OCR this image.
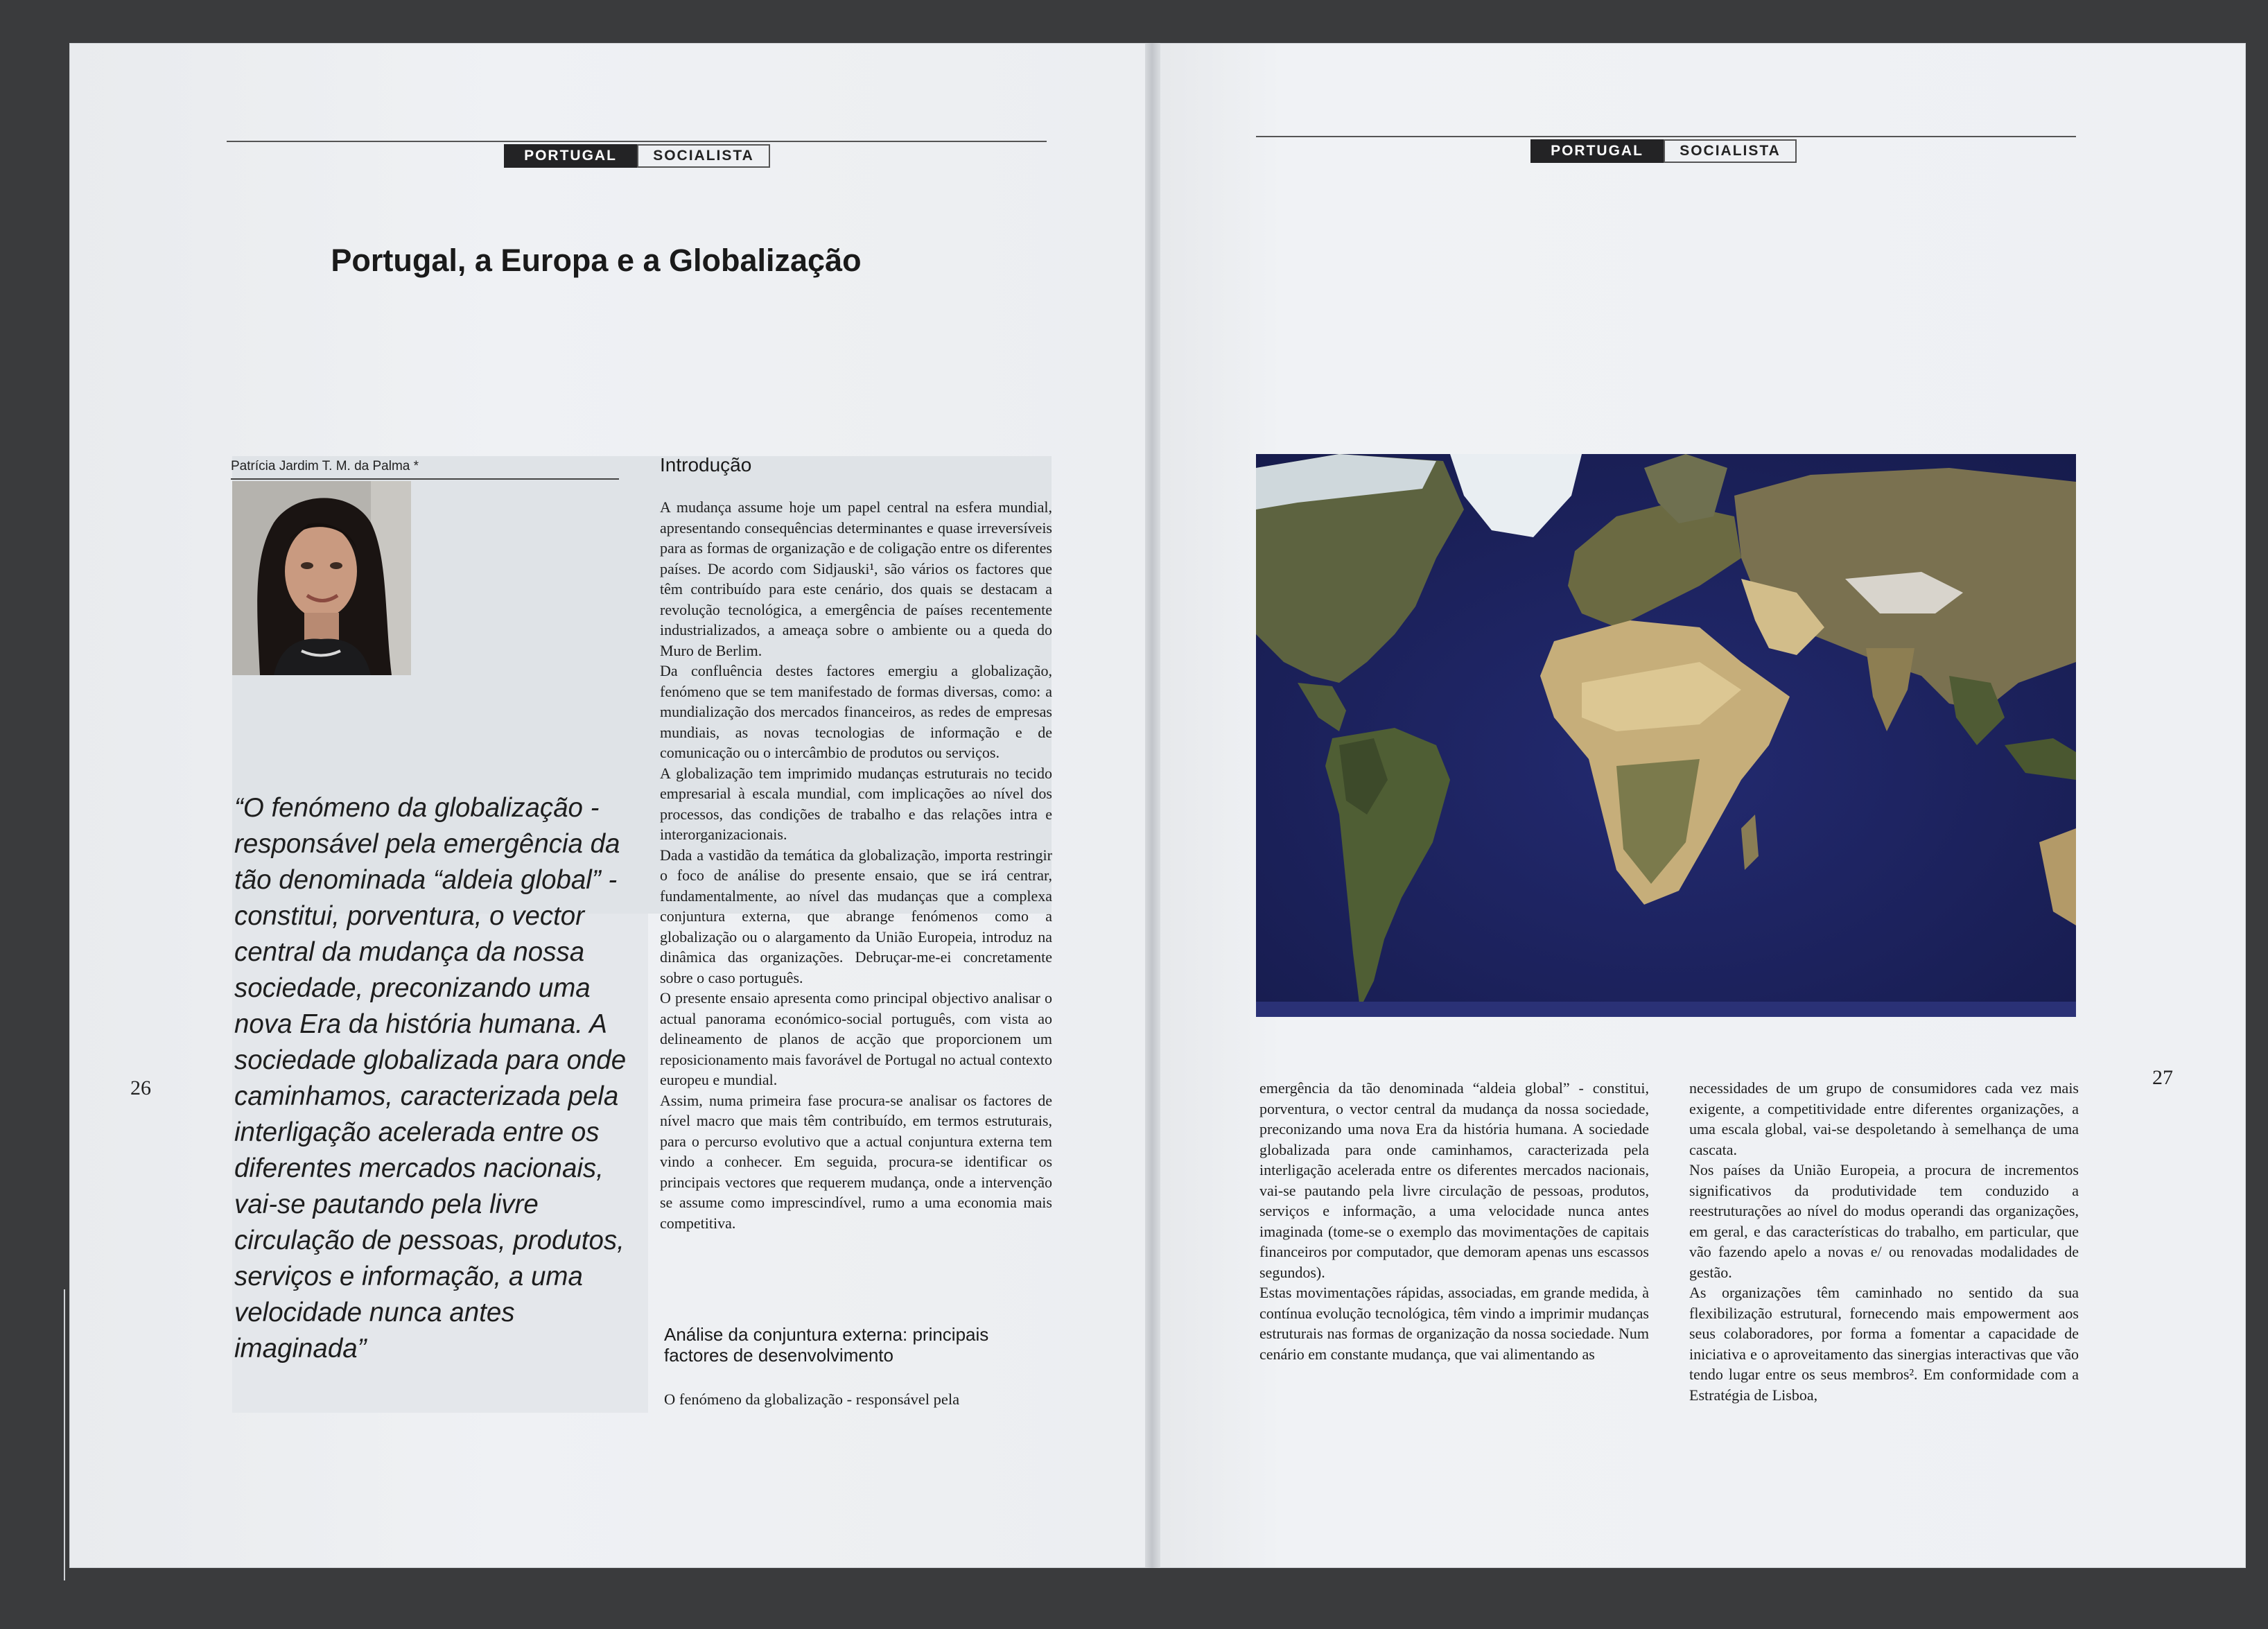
PORTUGAL	SOCIALISTA	PORTUGAL	SOCIALISTA
Portugal, a Europa e a Globalização
Patrícia Jardim T. M. da Palma *
“O fenómeno da globalização - responsável pela emergência da tão denominada “aldeia global” - constitui, porventura, o vector central da mudança da nossa sociedade, preconizando uma nova Era da história humana. A sociedade globalizada para onde caminhamos, caracterizada pela interligação acelerada entre os diferentes mercados nacionais, vai-se pautando pela livre circulação de pessoas, produtos, serviços e informação, a uma velocidade nunca antes imaginada”
Introdução

A mudança assume hoje um papel central na esfera mundial, apresentando consequências determinantes e quase irreversíveis para as formas de organização e de coligação entre os diferentes países. De acordo com Sidjauski¹, são vários os factores que têm contribuído para este cenário, dos quais se destacam a revolução tecnológica, a emergência de países recentemente industrializados, a ameaça sobre o ambiente ou a queda do Muro de Berlim.

Da confluência destes factores emergiu a globalização, fenómeno que se tem manifestado de formas diversas, como: a mundialização dos mercados financeiros, as redes de empresas mundiais, as novas tecnologias de informação e de comunicação ou o intercâmbio de produtos ou serviços.

A globalização tem imprimido mudanças estruturais no tecido empresarial à escala mundial, com implicações ao nível dos processos, das condições de trabalho e das relações intra e interorganizacionais.

Dada a vastidão da temática da globalização, importa restringir o foco de análise do presente ensaio, que se irá centrar, fundamentalmente, ao nível das mudanças que a complexa conjuntura externa, que abrange fenómenos como a globalização ou o alargamento da União Europeia, introduz na dinâmica das organizações. Debruçar-me-ei concretamente sobre o caso português.

O presente ensaio apresenta como principal objectivo analisar o actual panorama económico-social português, com vista ao delineamento de planos de acção que proporcionem um reposicionamento mais favorável de Portugal no actual contexto europeu e mundial.

Assim, numa primeira fase procura-se analisar os factores de nível macro que mais têm contribuído, em termos estruturais, para o percurso evolutivo que a actual conjuntura externa tem vindo a conhecer. Em seguida, procura-se identificar os principais vectores que requerem mudança, onde a intervenção se assume como imprescindível, rumo a uma economia mais competitiva.

Análise da conjuntura externa: principais factores de desenvolvimento
O fenómeno da globalização - responsável pela
26	emergência da tão denominada “aldeia global” - constitui, porventura, o vector central da mudança da nossa sociedade, preconizando uma nova Era da história humana. A sociedade globalizada para onde caminhamos, caracterizada pela interligação acelerada entre os diferentes mercados nacionais, vai-se pautando pela livre circulação de pessoas, produtos, serviços e informação, a uma velocidade nunca antes imaginada (tome-se o exemplo das movimentações de capitais financeiros por computador, que demoram apenas uns escassos segundos).

Estas movimentações rápidas, associadas, em grande medida, à contínua evolução tecnológica, têm vindo a imprimir mudanças estruturais nas formas de organização da nossa sociedade. Num cenário em constante mudança, que vai alimentando as

necessidades de um grupo de consumidores cada vez mais exigente, a competitividade entre diferentes organizações, a uma escala global, vai-se despoletando à semelhança de uma cascata.

Nos países da União Europeia, a procura de incrementos significativos da produtividade tem conduzido a reestruturações ao nível do modus operandi das organizações, em geral, e das características do trabalho, em particular, que vão fazendo apelo a novas e/ ou renovadas modalidades de gestão.

As organizações têm caminhado no sentido da sua flexibilização estrutural, fornecendo mais empowerment aos seus colaboradores, por forma a fomentar a capacidade de iniciativa e o aproveitamento das sinergias interactivas que vão tendo lugar entre os seus membros². Em conformidade com a Estratégia de Lisboa,

27
